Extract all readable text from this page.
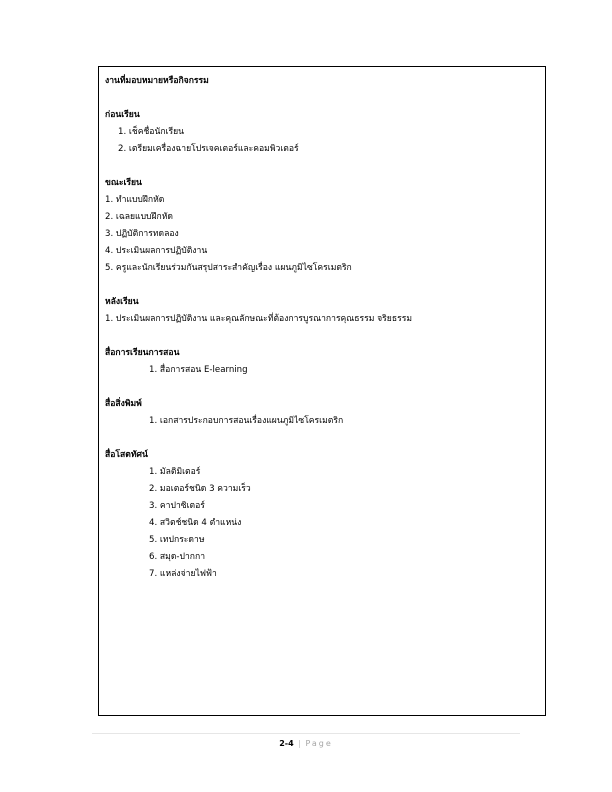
งานที่มอบหมายหรือกิจกรรม
ก่อนเรียน
1. เช็คชื่อนักเรียน
2. เตรียมเครื่องฉายโปรเจคเตอร์และคอมพิวเตอร์
ขณะเรียน
1. ทำแบบฝึกหัด
2. เฉลยแบบฝึกหัด
3. ปฏิบัติการทดลอง
4. ประเมินผลการปฏิบัติงาน
5. ครูและนักเรียนร่วมกันสรุปสาระสำคัญเรื่อง แผนภูมิไซโครเมตริก
หลังเรียน
1. ประเมินผลการปฏิบัติงาน และคุณลักษณะที่ต้องการบูรณาการคุณธรรม จริยธรรม
สื่อการเรียนการสอน
1. สื่อการสอน E-learning
สื่อสิ่งพิมพ์
1. เอกสารประกอบการสอนเรื่องแผนภูมิไซโครเมตริก
สื่อโสตทัศน์
1. มัลติมิเตอร์
2. มอเตอร์ชนิด 3 ความเร็ว
3. คาปาซิเตอร์
4. สวิตช์ชนิด 4 ตำแหน่ง
5. เทปกระดาษ
6. สมุด-ปากกา
7. แหล่งจ่ายไฟฟ้า
2-4 | Page
